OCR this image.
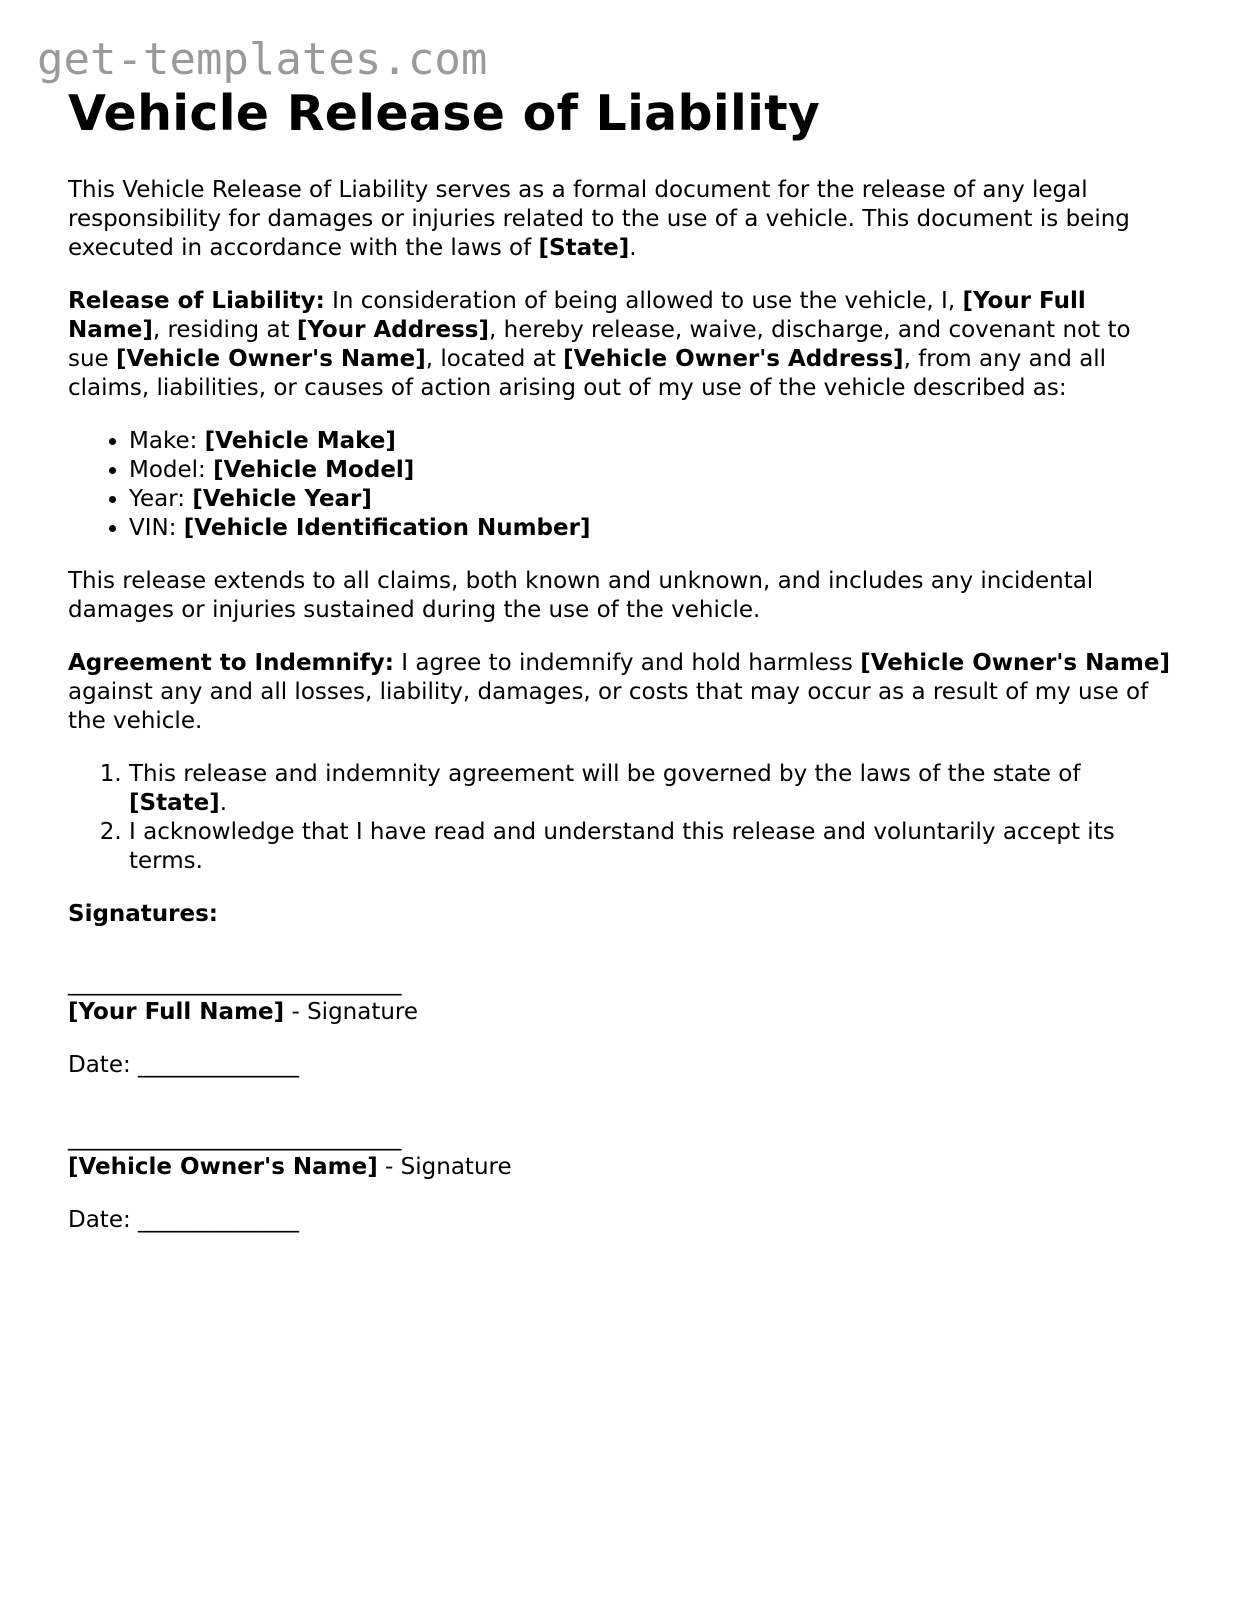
get-templates.com
Vehicle Release of Liability

This Vehicle Release of Liability serves as a formal document for the release of any legal responsibility for damages or injuries related to the use of a vehicle. This document is being executed in accordance with the laws of [State].

Release of Liability: In consideration of being allowed to use the vehicle, I, [Your Full Name], residing at [Your Address], hereby release, waive, discharge, and covenant not to sue [Vehicle Owner's Name], located at [Vehicle Owner's Address], from any and all claims, liabilities, or causes of action arising out of my use of the vehicle described as:

• Make: [Vehicle Make]
• Model: [Vehicle Model]
• Year: [Vehicle Year]
• VIN: [Vehicle Identification Number]

This release extends to all claims, both known and unknown, and includes any incidental damages or injuries sustained during the use of the vehicle.

Agreement to Indemnify: I agree to indemnify and hold harmless [Vehicle Owner's Name] against any and all losses, liability, damages, or costs that may occur as a result of my use of the vehicle.

1. This release and indemnity agreement will be governed by the laws of the state of [State].
2. I acknowledge that I have read and understand this release and voluntarily accept its terms.

Signatures:

_____________________________
[Your Full Name] - Signature
Date: ______________
_____________________________
[Vehicle Owner's Name] - Signature
Date: ______________
